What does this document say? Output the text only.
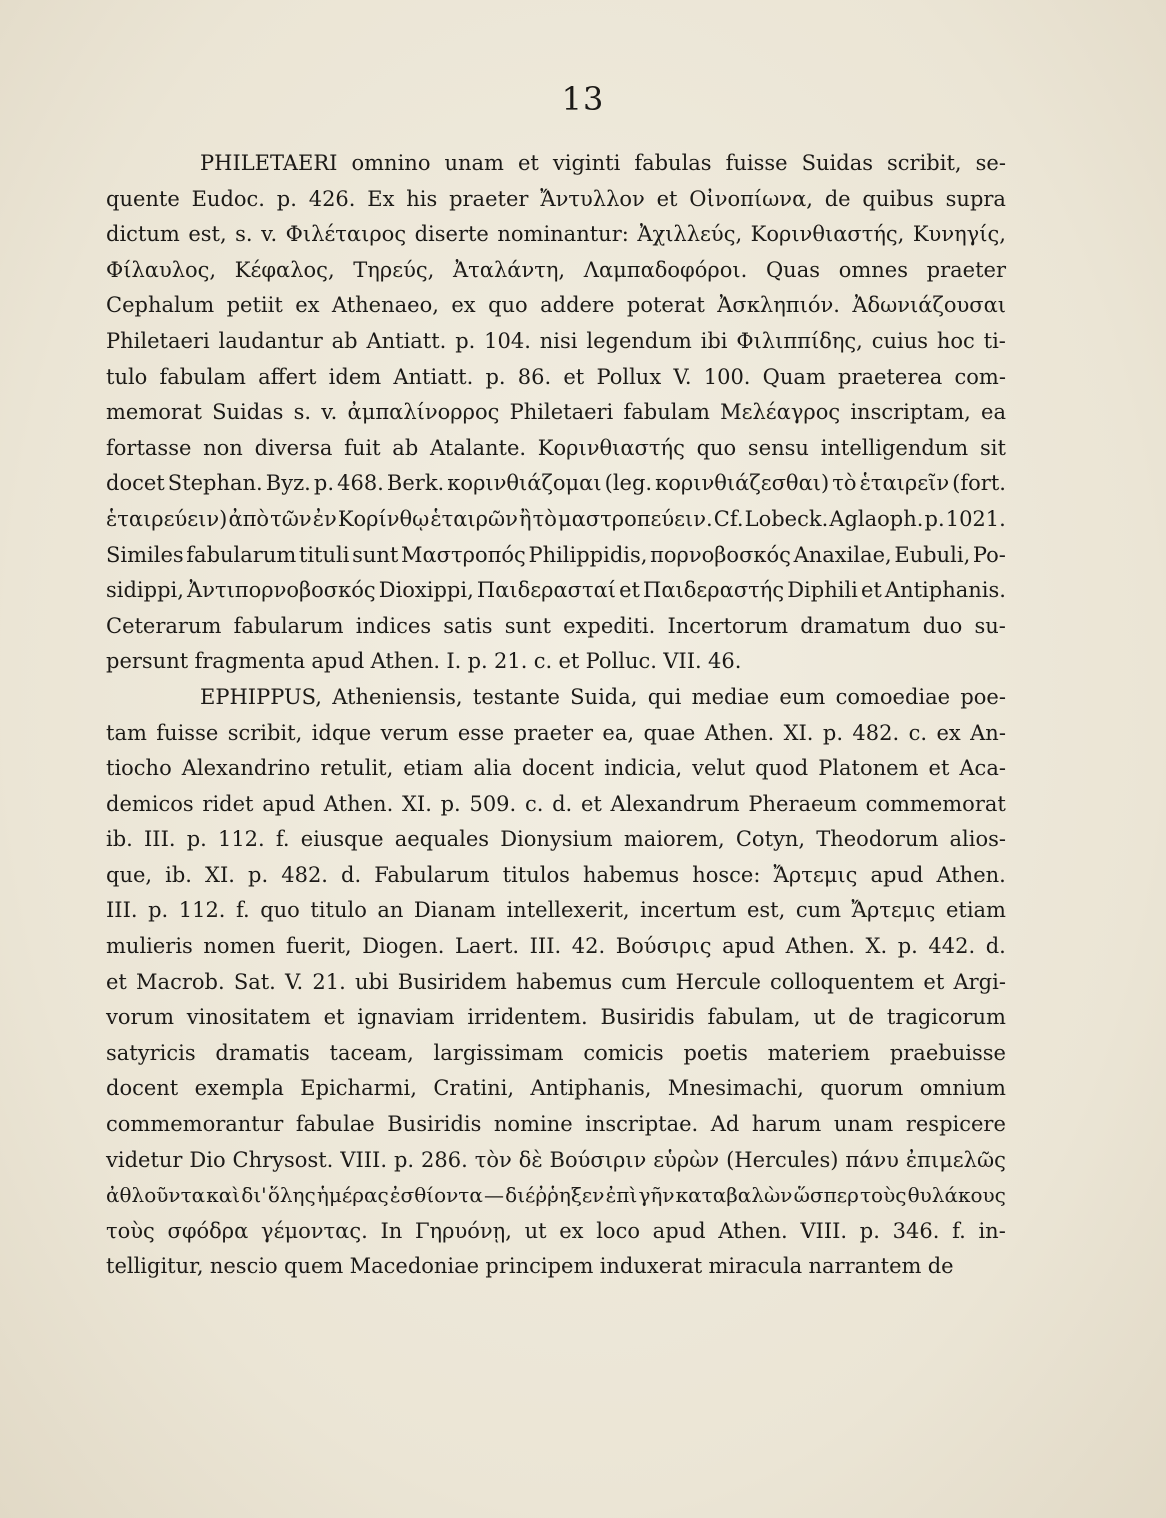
13
PHILETAERI omnino unam et viginti fabulas fuisse Suidas scribit, se-
quente Eudoc. p. 426. Ex his praeter Ἄντυλλον et Οἰνοπίωνα, de quibus supra
dictum est, s. v. Φιλέταιρος diserte nominantur: Ἀχιλλεύς, Κορινθιαστής, Κυνηγίς,
Φίλαυλος, Κέφαλος, Τηρεύς, Ἀταλάντη, Λαμπαδοφόροι. Quas omnes praeter
Cephalum petiit ex Athenaeo, ex quo addere poterat Ἀσκληπιόν. Ἀδωνιάζουσαι
Philetaeri laudantur ab Antiatt. p. 104. nisi legendum ibi Φιλιππίδης, cuius hoc ti-
tulo fabulam affert idem Antiatt. p. 86. et Pollux V. 100. Quam praeterea com-
memorat Suidas s. v. ἀμπαλίνορρος Philetaeri fabulam Μελέαγρος inscriptam, ea
fortasse non diversa fuit ab Atalante. Κορινθιαστής quo sensu intelligendum sit
docet Stephan. Byz. p. 468. Berk. κορινθιάζομαι (leg. κορινθιάζεσθαι) τὸ ἑταιρεῖν (fort.
ἑταιρεύειν) ἀπὸ τῶν ἐν Κορίνθῳ ἑταιρῶν ἢ τὸ μαστροπεύειν. Cf. Lobeck. Aglaoph. p. 1021.
Similes fabularum tituli sunt Μαστροπός Philippidis, πορνοβοσκός Anaxilae, Eubuli, Po-
sidippi, Ἀντιπορνοβοσκός Dioxippi, Παιδερασταί et Παιδεραστής Diphili et Antiphanis.
Ceterarum fabularum indices satis sunt expediti. Incertorum dramatum duo su-
persunt fragmenta apud Athen. I. p. 21. c. et Polluc. VII. 46.
EPHIPPUS, Atheniensis, testante Suida, qui mediae eum comoediae poe-
tam fuisse scribit, idque verum esse praeter ea, quae Athen. XI. p. 482. c. ex An-
tiocho Alexandrino retulit, etiam alia docent indicia, velut quod Platonem et Aca-
demicos ridet apud Athen. XI. p. 509. c. d. et Alexandrum Pheraeum commemorat
ib. III. p. 112. f. eiusque aequales Dionysium maiorem, Cotyn, Theodorum alios-
que, ib. XI. p. 482. d. Fabularum titulos habemus hosce: Ἄρτεμις apud Athen.
III. p. 112. f. quo titulo an Dianam intellexerit, incertum est, cum Ἄρτεμις etiam
mulieris nomen fuerit, Diogen. Laert. III. 42. Βούσιρις apud Athen. X. p. 442. d.
et Macrob. Sat. V. 21. ubi Busiridem habemus cum Hercule colloquentem et Argi-
vorum vinositatem et ignaviam irridentem. Busiridis fabulam, ut de tragicorum
satyricis dramatis taceam, largissimam comicis poetis materiem praebuisse
docent exempla Epicharmi, Cratini, Antiphanis, Mnesimachi, quorum omnium
commemorantur fabulae Busiridis nomine inscriptae. Ad harum unam respicere
videtur Dio Chrysost. VIII. p. 286. τὸν δὲ Βούσιριν εὑρὼν (Hercules) πάνυ ἐπιμελῶς
ἀθλοῦντα καὶ δι' ὅλης ἡμέρας ἐσθίοντα — διέῤῥηξεν ἐπὶ γῆν καταβαλὼν ὥσπερ τοὺς θυλάκους
τοὺς σφόδρα γέμοντας. In Γηρυόνῃ, ut ex loco apud Athen. VIII. p. 346. f. in-
telligitur, nescio quem Macedoniae principem induxerat miracula narrantem de
